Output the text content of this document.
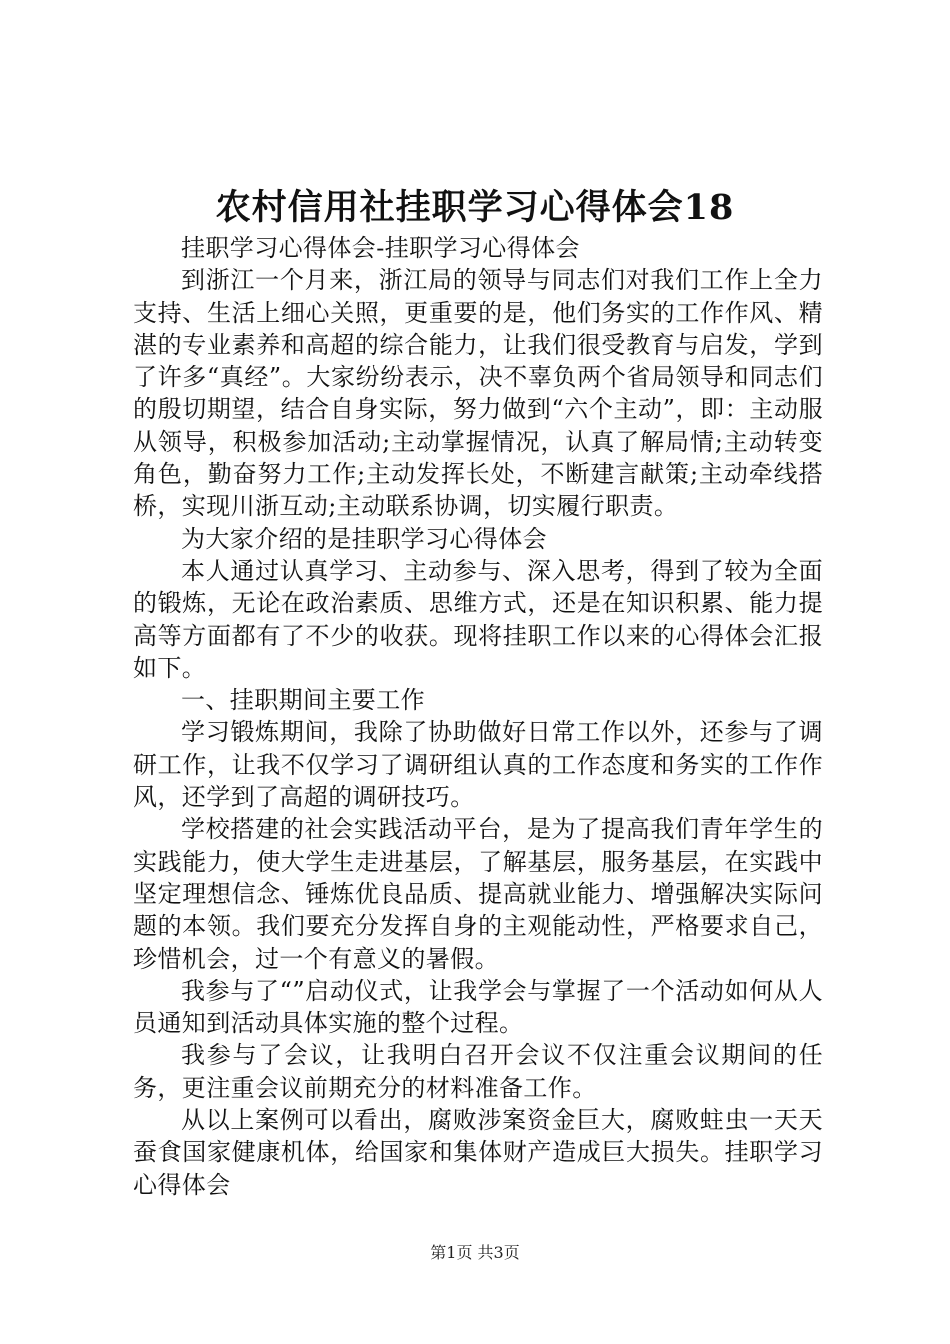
农村信用社挂职学习心得体会18

挂职学习心得体会-挂职学习心得体会

到浙江一个月来，浙江局的领导与同志们对我们工作上全力支持、生活上细心关照，更重要的是，他们务实的工作作风、精湛的专业素养和高超的综合能力，让我们很受教育与启发，学到了许多“真经”。大家纷纷表示，决不辜负两个省局领导和同志们的殷切期望，结合自身实际，努力做到“六个主动”，即：主动服从领导，积极参加活动;主动掌握情况，认真了解局情;主动转变角色，勤奋努力工作;主动发挥长处，不断建言献策;主动牵线搭桥，实现川浙互动;主动联系协调，切实履行职责。

为大家介绍的是挂职学习心得体会

本人通过认真学习、主动参与、深入思考，得到了较为全面的锻炼，无论在政治素质、思维方式，还是在知识积累、能力提高等方面都有了不少的收获。现将挂职工作以来的心得体会汇报如下。

一、挂职期间主要工作

学习锻炼期间，我除了协助做好日常工作以外，还参与了调研工作，让我不仅学习了调研组认真的工作态度和务实的工作作风，还学到了高超的调研技巧。

学校搭建的社会实践活动平台，是为了提高我们青年学生的实践能力，使大学生走进基层，了解基层，服务基层，在实践中坚定理想信念、锤炼优良品质、提高就业能力、增强解决实际问题的本领。我们要充分发挥自身的主观能动性，严格要求自己，珍惜机会，过一个有意义的暑假。

我参与了“”启动仪式，让我学会与掌握了一个活动如何从人员通知到活动具体实施的整个过程。

我参与了会议，让我明白召开会议不仅注重会议期间的任务，更注重会议前期充分的材料准备工作。

从以上案例可以看出，腐败涉案资金巨大，腐败蛀虫一天天蚕食国家健康机体，给国家和集体财产造成巨大损失。挂职学习心得体会

第1页 共3页
